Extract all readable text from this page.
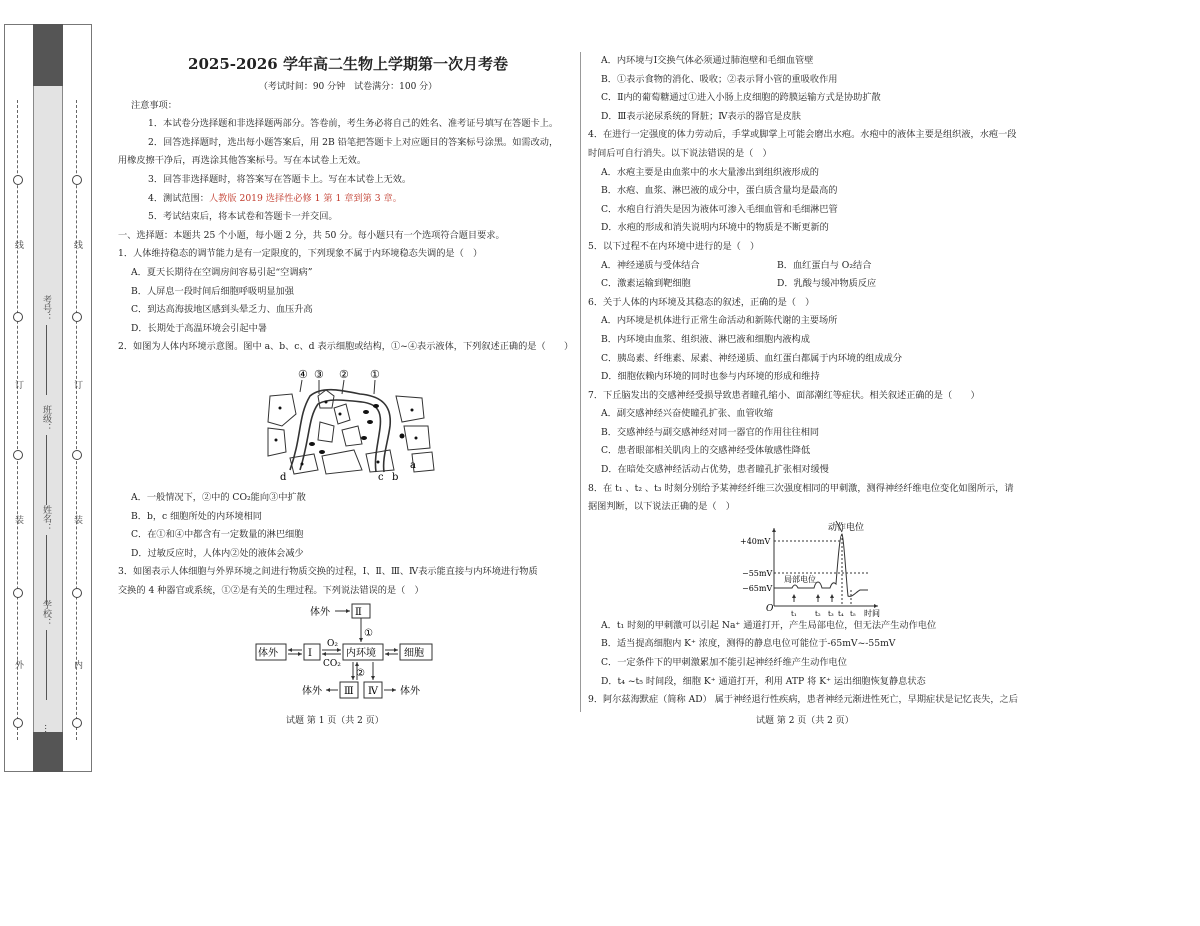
外
装
订
线
内
装
订
线
学校：
姓名：
班级：
考号：
…

2025-2026 学年高二生物上学期第一次月考卷

（考试时间：90 分钟　试卷满分：100 分）

注意事项：

1．本试卷分选择题和非选择题两部分。答卷前，考生务必将自己的姓名、准考证号填写在答题卡上。

2．回答选择题时，选出每小题答案后，用 2B 铅笔把答题卡上对应题目的答案标号涂黑。如需改动，

用橡皮擦干净后，再选涂其他答案标号。写在本试卷上无效。

3．回答非选择题时，将答案写在答题卡上。写在本试卷上无效。

4．测试范围：人教版 2019 选择性必修 1 第 1 章到第 3 章。

5．考试结束后，将本试卷和答题卡一并交回。

一、选择题：本题共 25 个小题，每小题 2 分，共 50 分。每小题只有一个选项符合题目要求。

1．人体维持稳态的调节能力是有一定限度的，下列现象不属于内环境稳态失调的是（　）

A．夏天长期待在空调房间容易引起“空调病”

B．人屏息一段时间后细胞呼吸明显加强

C．到达高海拔地区感到头晕乏力、血压升高

D．长期处于高温环境会引起中暑

2．如图为人体内环境示意图。图中 a、b、c、d 表示细胞或结构，①~④表示液体，下列叙述正确的是（　　）

A．一般情况下，②中的 CO₂能向③中扩散

B．b，c 细胞所处的内环境相同

C．在①和④中都含有一定数量的淋巴细胞

D．过敏反应时，人体内②处的液体会减少

3．如图表示人体细胞与外界环境之间进行物质交换的过程，Ⅰ、Ⅱ、Ⅲ、Ⅳ表示能直接与内环境进行物质

交换的 4 种器官或系统，①②是有关的生理过程。下列说法错误的是（　）

④ ③ ② ①
d	c b
a
体外	Ⅱ
①
体外	Ⅰ
O₂
CO₂
内环境	细胞
②
体外 Ⅲ Ⅳ 体外
试题 第 1 页（共 2 页）

A．内环境与Ⅰ交换气体必须通过肺泡壁和毛细血管壁

B．①表示食物的消化、吸收；②表示肾小管的重吸收作用

C．Ⅱ内的葡萄糖通过①进入小肠上皮细胞的跨膜运输方式是协助扩散

D．Ⅲ表示泌尿系统的肾脏；Ⅳ表示的器官是皮肤

4．在进行一定强度的体力劳动后，手掌或脚掌上可能会磨出水疱。水疱中的液体主要是组织液，水疱一段

时间后可自行消失。以下说法错误的是（　）

A．水疱主要是由血浆中的水大量渗出到组织液形成的

B．水疱、血浆、淋巴液的成分中，蛋白质含量均是最高的

C．水疱自行消失是因为液体可渗入毛细血管和毛细淋巴管

D．水疱的形成和消失说明内环境中的物质是不断更新的

5．以下过程不在内环境中进行的是（　）

A．神经递质与受体结合	B．血红蛋白与 O₂结合

C．激素运输到靶细胞	D．乳酸与缓冲物质反应

6．关于人体的内环境及其稳态的叙述，正确的是（　）

A．内环境是机体进行正常生命活动和新陈代谢的主要场所

B．内环境由血浆、组织液、淋巴液和细胞内液构成

C．胰岛素、纤维素、尿素、神经递质、血红蛋白都属于内环境的组成成分

D．细胞依赖内环境的同时也参与内环境的形成和维持

7．下丘脑发出的交感神经受损导致患者瞳孔缩小、面部潮红等症状。相关叙述正确的是（　　）

A．副交感神经兴奋使瞳孔扩张、血管收缩

B．交感神经与副交感神经对同一器官的作用往往相同

C．患者眼部相关肌肉上的交感神经受体敏感性降低

D．在暗处交感神经活动占优势，患者瞳孔扩张相对缓慢

8．在 t₁ 、t₂ 、t₃ 时刻分别给予某神经纤维三次强度相同的甲刺激，测得神经纤维电位变化如图所示，请

据图判断，以下说法正确的是（　）

A．t₁ 时刻的甲刺激可以引起 Na⁺ 通道打开，产生局部电位，但无法产生动作电位

B．适当提高细胞内 K⁺ 浓度，测得的静息电位可能位于-65mV~-55mV

C．一定条件下的甲刺激累加不能引起神经纤维产生动作电位

D．t₄ ~t₅ 时间段，细胞 K⁺ 通道打开，利用 ATP 将 K⁺ 运出细胞恢复静息状态

9．阿尔兹海默症（简称 AD） 属于神经退行性疾病，患者神经元渐进性死亡，早期症状是记忆丧失，之后

动作电位
+40mV
−55mV
−65mV
O
局部电位
t₁	t₂ t₃ t₄ t₅ 时间
试题 第 2 页（共 2 页）
